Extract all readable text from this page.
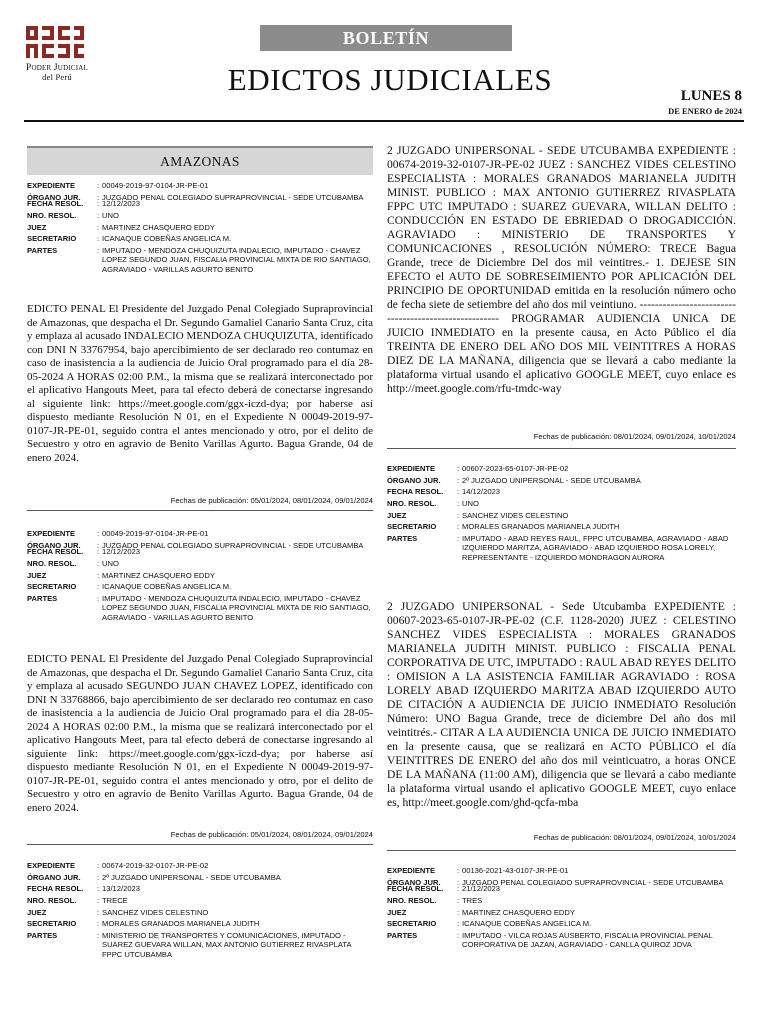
Poder Judicial
del Perú
BOLETÍN
EDICTOS JUDICIALES	LUNES 8
DE ENERO de 2024
AMAZONAS
EXPEDIENTE :	00049-2019-97-0104-JR-PE-01
ÓRGANO JUR. :	JUZGADO PENAL COLEGIADO SUPRAPROVINCIAL - SEDE UTCUBAMBA
FECHA RESOL. :	12/12/2023
NRO. RESOL. :	UNO
JUEZ :	MARTINEZ CHASQUERO EDDY
SECRETARIO :	ICANAQUE COBEÑAS ANGELICA M.
PARTES :	IMPUTADO - MENDOZA CHUQUIZUTA INDALECIO, IMPUTADO - CHAVEZ LOPEZ SEGUNDO JUAN, FISCALIA PROVINCIAL MIXTA DE RIO SANTIAGO, AGRAVIADO - VARILLAS AGURTO BENITO
EDICTO PENAL El Presidente del Juzgado Penal Colegiado Supraprovincial de Amazonas, que despacha el Dr. Segundo Gamaliel Canario Santa Cruz, cita y emplaza al acusado INDALECIO MENDOZA CHUQUIZUTA, identificado con DNI N 33767954, bajo apercibimiento de ser declarado reo contumaz en caso de inasistencia a la audiencia de Juicio Oral programado para el día 28-05-2024 A HORAS 02:00 P.M., la misma que se realizará interconectado por el aplicativo Hangouts Meet, para tal efecto deberá de conectarse ingresando al siguiente link: https://meet.google.com/ggx-iczd-dya; por haberse así dispuesto mediante Resolución N 01, en el Expediente N 00049-2019-97-0107-JR-PE-01, seguido contra el antes mencionado y otro, por el delito de Secuestro y otro en agravio de Benito Varillas Agurto. Bagua Grande, 04 de enero 2024.
Fechas de publicación: 05/01/2024, 08/01/2024, 09/01/2024
EXPEDIENTE :	00049-2019-97-0104-JR-PE-01
ÓRGANO JUR. :	JUZGADO PENAL COLEGIADO SUPRAPROVINCIAL - SEDE UTCUBAMBA
FECHA RESOL. :	12/12/2023
NRO. RESOL. :	UNO
JUEZ :	MARTINEZ CHASQUERO EDDY
SECRETARIO :	ICANAQUE COBEÑAS ANGELICA M.
PARTES :	IMPUTADO - MENDOZA CHUQUIZUTA INDALECIO, IMPUTADO - CHAVEZ LOPEZ SEGUNDO JUAN, FISCALIA PROVINCIAL MIXTA DE RIO SANTIAGO, AGRAVIADO - VARILLAS AGURTO BENITO
EDICTO PENAL El Presidente del Juzgado Penal Colegiado Supraprovincial de Amazonas, que despacha el Dr. Segundo Gamaliel Canario Santa Cruz, cita y emplaza al acusado SEGUNDO JUAN CHAVEZ LOPEZ, identificado con DNI N 33768866, bajo apercibimiento de ser declarado reo contumaz en caso de inasistencia a la audiencia de Juicio Oral programado para el día 28-05-2024 A HORAS 02:00 P.M., la misma que se realizará interconectado por el aplicativo Hangouts Meet, para tal efecto deberá de conectarse ingresando al siguiente link: https://meet.google.com/ggx-iczd-dya; por haberse así dispuesto mediante Resolución N 01, en el Expediente N 00049-2019-97-0107-JR-PE-01, seguido contra el antes mencionado y otro, por el delito de Secuestro y otro en agravio de Benito Varillas Agurto. Bagua Grande, 04 de enero 2024.
Fechas de publicación: 05/01/2024, 08/01/2024, 09/01/2024
EXPEDIENTE :	00674-2019-32-0107-JR-PE-02
ÓRGANO JUR. :	2º JUZGADO UNIPERSONAL - SEDE UTCUBAMBA
FECHA RESOL. :	13/12/2023
NRO. RESOL. :	TRECE
JUEZ :	SANCHEZ VIDES CELESTINO
SECRETARIO :	MORALES GRANADOS MARIANELA JUDITH
PARTES :	MINISTERIO DE TRANSPORTES Y COMUNICACIONES, IMPUTADO - SUAREZ GUEVARA WILLAN, MAX ANTONIO GUTIERREZ RIVASPLATA FPPC UTCUBAMBA
2 JUZGADO UNIPERSONAL - SEDE UTCUBAMBA EXPEDIENTE : 00674-2019-32-0107-JR-PE-02 JUEZ : SANCHEZ VIDES CELESTINO ESPECIALISTA : MORALES GRANADOS MARIANELA JUDITH MINIST. PUBLICO : MAX ANTONIO GUTIERREZ RIVASPLATA FPPC UTC IMPUTADO : SUAREZ GUEVARA, WILLAN DELITO : CONDUCCIÓN EN ESTADO DE EBRIEDAD O DROGADICCIÓN. AGRAVIADO : MINISTERIO DE TRANSPORTES Y COMUNICACIONES , RESOLUCIÓN NÚMERO: TRECE Bagua Grande, trece de Diciembre Del dos mil veintitres.- 1. DEJESE SIN EFECTO el AUTO DE SOBRESEIMIENTO POR APLICACIÓN DEL PRINCIPIO DE OPORTUNIDAD emitida en la resolución número ocho de fecha siete de setiembre del año dos mil veintiuno. ------------------------------------------------------ PROGRAMAR AUDIENCIA UNICA DE JUICIO INMEDIATO en la presente causa, en Acto Público el día TREINTA DE ENERO DEL AÑO DOS MIL VEINTITRES A HORAS DIEZ DE LA MAÑANA, diligencia que se llevará a cabo mediante la plataforma virtual usando el aplicativo GOOGLE MEET, cuyo enlace es http://meet.google.com/rfu-tmdc-way
Fechas de publicación: 08/01/2024, 09/01/2024, 10/01/2024
EXPEDIENTE :	00607-2023-65-0107-JR-PE-02
ÓRGANO JUR. :	2º JUZGADO UNIPERSONAL - SEDE UTCUBAMBA
FECHA RESOL. :	14/12/2023
NRO. RESOL. :	UNO
JUEZ :	SANCHEZ VIDES CELESTINO
SECRETARIO :	MORALES GRANADOS MARIANELA JUDITH
PARTES :	IMPUTADO - ABAD REYES RAUL, FPPC UTCUBAMBA, AGRAVIADO - ABAD IZQUIERDO MARITZA, AGRAVIADO - ABAD IZQUIERDO ROSA LORELY, REPRESENTANTE - IZQUIERDO MONDRAGON AURORA
2 JUZGADO UNIPERSONAL - Sede Utcubamba EXPEDIENTE : 00607-2023-65-0107-JR-PE-02 (C.F. 1128-2020) JUEZ : CELESTINO SANCHEZ VIDES ESPECIALISTA : MORALES GRANADOS MARIANELA JUDITH MINIST. PUBLICO : FISCALIA PENAL CORPORATIVA DE UTC, IMPUTADO : RAUL ABAD REYES DELITO : OMISION A LA ASISTENCIA FAMILIAR AGRAVIADO : ROSA LORELY ABAD IZQUIERDO MARITZA ABAD IZQUIERDO AUTO DE CITACIÓN A AUDIENCIA DE JUICIO INMEDIATO Resolución Número: UNO Bagua Grande, trece de diciembre Del año dos mil veintitrés.- CITAR A LA AUDIENCIA UNICA DE JUICIO INMEDIATO en la presente causa, que se realizará en ACTO PÚBLICO el día VEINTITRES DE ENERO del año dos mil veinticuatro, a horas ONCE DE LA MAÑANA (11:00 AM), diligencia que se llevará a cabo mediante la plataforma virtual usando el aplicativo GOOGLE MEET, cuyo enlace es, http://meet.google.com/ghd-qcfa-mba
Fechas de publicación: 08/01/2024, 09/01/2024, 10/01/2024
EXPEDIENTE :	00136-2021-43-0107-JR-PE-01
ÓRGANO JUR. :	JUZGADO PENAL COLEGIADO SUPRAPROVINCIAL - SEDE UTCUBAMBA
FECHA RESOL. :	21/12/2023
NRO. RESOL. :	TRES
JUEZ :	MARTINEZ CHASQUERO EDDY
SECRETARIO :	ICANAQUE COBEÑAS ANGELICA M.
PARTES :	IMPUTADO - VILCA ROJAS AUSBERTO, FISCALIA PROVINCIAL PENAL CORPORATIVA DE JAZAN, AGRAVIADO - CANLLA QUIROZ JOVA
